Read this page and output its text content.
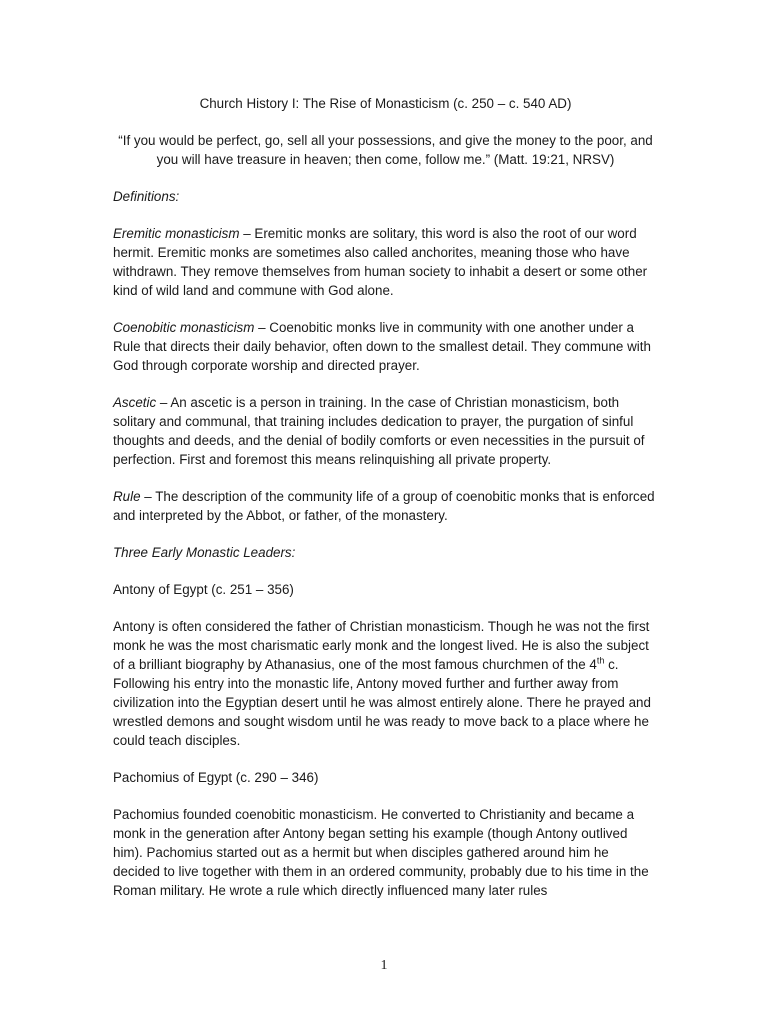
Church History I: The Rise of Monasticism (c. 250 – c. 540 AD)
“If you would be perfect, go, sell all your possessions, and give the money to the poor, and you will have treasure in heaven; then come, follow me.” (Matt. 19:21, NRSV)
Definitions:
Eremitic monasticism – Eremitic monks are solitary, this word is also the root of our word hermit. Eremitic monks are sometimes also called anchorites, meaning those who have withdrawn. They remove themselves from human society to inhabit a desert or some other kind of wild land and commune with God alone.
Coenobitic monasticism – Coenobitic monks live in community with one another under a Rule that directs their daily behavior, often down to the smallest detail. They commune with God through corporate worship and directed prayer.
Ascetic – An ascetic is a person in training. In the case of Christian monasticism, both solitary and communal, that training includes dedication to prayer, the purgation of sinful thoughts and deeds, and the denial of bodily comforts or even necessities in the pursuit of perfection. First and foremost this means relinquishing all private property.
Rule – The description of the community life of a group of coenobitic monks that is enforced and interpreted by the Abbot, or father, of the monastery.
Three Early Monastic Leaders:
Antony of Egypt (c. 251 – 356)
Antony is often considered the father of Christian monasticism. Though he was not the first monk he was the most charismatic early monk and the longest lived. He is also the subject of a brilliant biography by Athanasius, one of the most famous churchmen of the 4th c. Following his entry into the monastic life, Antony moved further and further away from civilization into the Egyptian desert until he was almost entirely alone. There he prayed and wrestled demons and sought wisdom until he was ready to move back to a place where he could teach disciples.
Pachomius of Egypt (c. 290 – 346)
Pachomius founded coenobitic monasticism. He converted to Christianity and became a monk in the generation after Antony began setting his example (though Antony outlived him). Pachomius started out as a hermit but when disciples gathered around him he decided to live together with them in an ordered community, probably due to his time in the Roman military. He wrote a rule which directly influenced many later rules
1
